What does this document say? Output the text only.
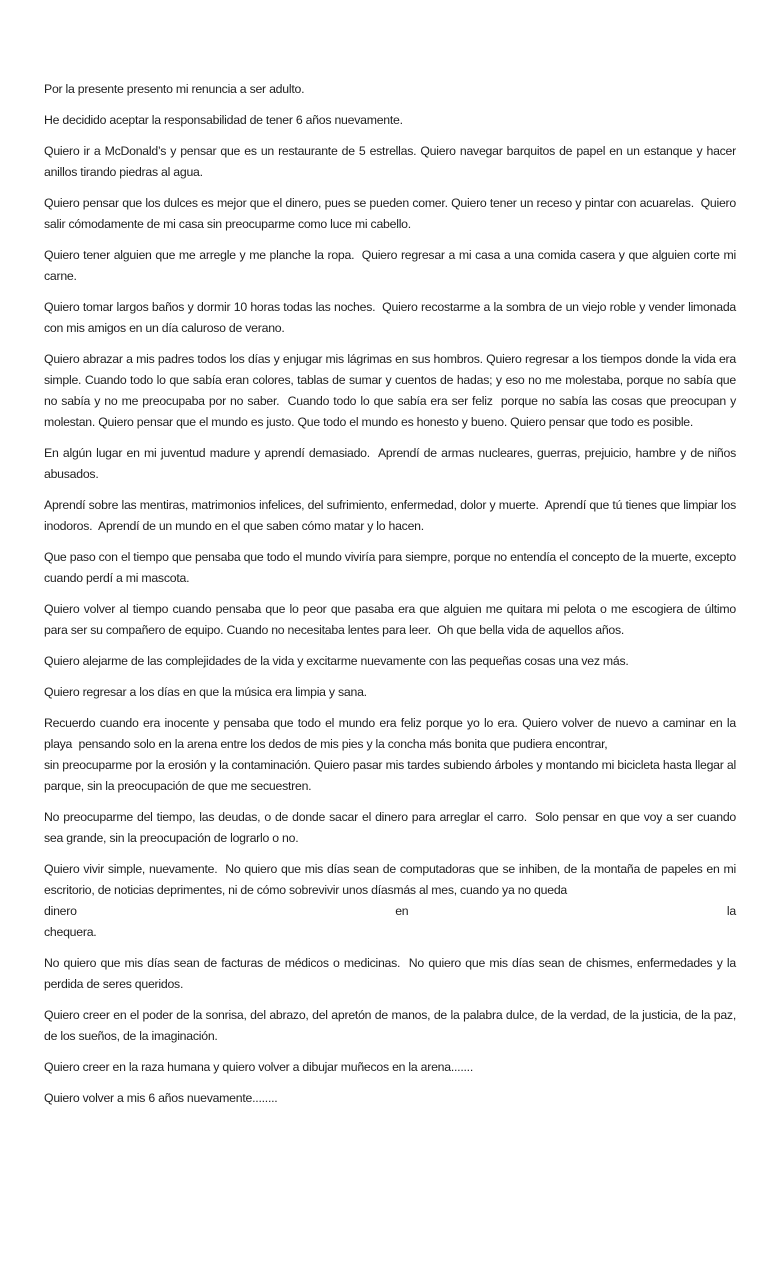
Por la presente presento mi renuncia a ser adulto.
He decidido aceptar la responsabilidad de tener 6 años nuevamente.
Quiero ir a McDonald’s y pensar que es un restaurante de 5 estrellas. Quiero navegar barquitos de papel en un estanque y hacer anillos tirando piedras al agua.
Quiero pensar que los dulces es mejor que el dinero, pues se pueden comer. Quiero tener un receso y pintar con acuarelas.  Quiero salir cómodamente de mi casa sin preocuparme como luce mi cabello.
Quiero tener alguien que me arregle y me planche la ropa.  Quiero regresar a mi casa a una comida casera y que alguien corte mi carne.
Quiero tomar largos baños y dormir 10 horas todas las noches.  Quiero recostarme a la sombra de un viejo roble y vender limonada con mis amigos en un día caluroso de verano.
Quiero abrazar a mis padres todos los días y enjugar mis lágrimas en sus hombros. Quiero regresar a los tiempos donde la vida era simple. Cuando todo lo que sabía eran colores, tablas de sumar y cuentos de hadas; y eso no me molestaba, porque no sabía que no sabía y no me preocupaba por no saber.  Cuando todo lo que sabía era ser feliz  porque no sabía las cosas que preocupan y molestan. Quiero pensar que el mundo es justo. Que todo el mundo es honesto y bueno. Quiero pensar que todo es posible.
En algún lugar en mi juventud madure y aprendí demasiado.  Aprendí de armas nucleares, guerras, prejuicio, hambre y de niños abusados.
Aprendí sobre las mentiras, matrimonios infelices, del sufrimiento, enfermedad, dolor y muerte.  Aprendí que tú tienes que limpiar los inodoros.  Aprendí de un mundo en el que saben cómo matar y lo hacen.
Que paso con el tiempo que pensaba que todo el mundo viviría para siempre, porque no entendía el concepto de la muerte, excepto cuando perdí a mi mascota.
Quiero volver al tiempo cuando pensaba que lo peor que pasaba era que alguien me quitara mi pelota o me escogiera de último para ser su compañero de equipo. Cuando no necesitaba lentes para leer.  Oh que bella vida de aquellos años.
Quiero alejarme de las complejidades de la vida y excitarme nuevamente con las pequeñas cosas una vez más.
Quiero regresar a los días en que la música era limpia y sana.
Recuerdo cuando era inocente y pensaba que todo el mundo era feliz porque yo lo era. Quiero volver de nuevo a caminar en la playa  pensando solo en la arena entre los dedos de mis pies y la concha más bonita que pudiera encontrar,
sin preocuparme por la erosión y la contaminación. Quiero pasar mis tardes subiendo árboles y montando mi bicicleta hasta llegar al parque, sin la preocupación de que me secuestren.
No preocuparme del tiempo, las deudas, o de donde sacar el dinero para arreglar el carro.  Solo pensar en que voy a ser cuando sea grande, sin la preocupación de lograrlo o no.
Quiero vivir simple, nuevamente.  No quiero que mis días sean de computadoras que se inhiben, de la montaña de papeles en mi escritorio, de noticias deprimentes, ni de cómo sobrevivir unos díasmás al mes, cuando ya no queda
dinero	en	la
chequera.
No quiero que mis días sean de facturas de médicos o medicinas.  No quiero que mis días sean de chismes, enfermedades y la perdida de seres queridos.
Quiero creer en el poder de la sonrisa, del abrazo, del apretón de manos, de la palabra dulce, de la verdad, de la justicia, de la paz, de los sueños, de la imaginación.
Quiero creer en la raza humana y quiero volver a dibujar muñecos en la arena.......
Quiero volver a mis 6 años nuevamente........
